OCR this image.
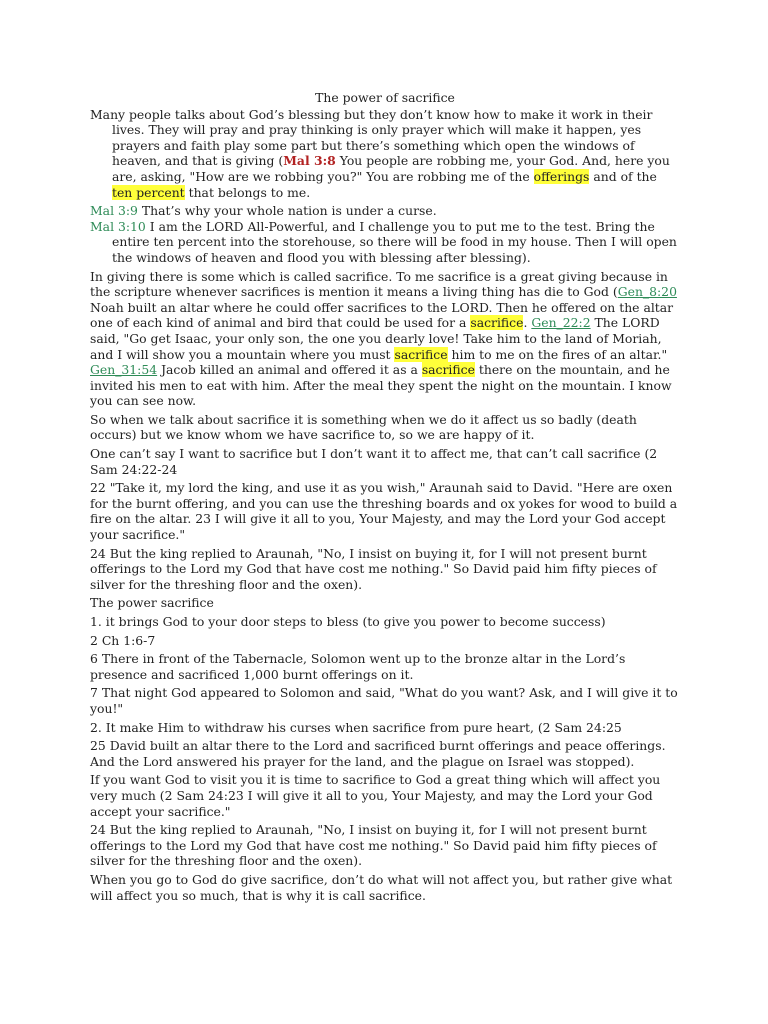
The power of sacrifice

Many people talks about God’s blessing but they don’t know how to make it work in their lives. They will pray and pray thinking is only prayer which will make it happen, yes prayers and faith play some part but there’s something which open the windows of heaven, and that is giving (Mal 3:8 You people are robbing me, your God. And, here you are, asking, "How are we robbing you?" You are robbing me of the offerings and of the ten percent that belongs to me.

Mal 3:9 That’s why your whole nation is under a curse.

Mal 3:10 I am the LORD All-Powerful, and I challenge you to put me to the test. Bring the entire ten percent into the storehouse, so there will be food in my house. Then I will open the windows of heaven and flood you with blessing after blessing).

In giving there is some which is called sacrifice. To me sacrifice is a great giving because in the scripture whenever sacrifices is mention it means a living thing has die to God (Gen_8:20 Noah built an altar where he could offer sacrifices to the LORD. Then he offered on the altar one of each kind of animal and bird that could be used for a sacrifice. Gen_22:2 The LORD said, "Go get Isaac, your only son, the one you dearly love! Take him to the land of Moriah, and I will show you a mountain where you must sacrifice him to me on the fires of an altar." Gen_31:54 Jacob killed an animal and offered it as a sacrifice there on the mountain, and he invited his men to eat with him. After the meal they spent the night on the mountain. I know you can see now.

So when we talk about sacrifice it is something when we do it affect us so badly (death occurs) but we know whom we have sacrifice to, so we are happy of it.

One can’t say I want to sacrifice but I don’t want it to affect me, that can’t call sacrifice (2 Sam 24:22-24

22 "Take it, my lord the king, and use it as you wish," Araunah said to David. "Here are oxen for the burnt offering, and you can use the threshing boards and ox yokes for wood to build a fire on the altar. 23 I will give it all to you, Your Majesty, and may the Lord your God accept your sacrifice."

24 But the king replied to Araunah, "No, I insist on buying it, for I will not present burnt offerings to the Lord my God that have cost me nothing." So David paid him fifty pieces of silver for the threshing floor and the oxen).

The power sacrifice

1. it brings God to your door steps to bless (to give you power to become success)

2 Ch 1:6-7

6 There in front of the Tabernacle, Solomon went up to the bronze altar in the Lord’s presence and sacrificed 1,000 burnt offerings on it.

7 That night God appeared to Solomon and said, "What do you want? Ask, and I will give it to you!"

2. It make Him to withdraw his curses when sacrifice from pure heart, (2 Sam 24:25

25 David built an altar there to the Lord and sacrificed burnt offerings and peace offerings. And the Lord answered his prayer for the land, and the plague on Israel was stopped).

If you want God to visit you it is time to sacrifice to God a great thing which will affect you very much (2 Sam 24:23 I will give it all to you, Your Majesty, and may the Lord your God accept your sacrifice."

24 But the king replied to Araunah, "No, I insist on buying it, for I will not present burnt offerings to the Lord my God that have cost me nothing." So David paid him fifty pieces of silver for the threshing floor and the oxen).

When you go to God do give sacrifice, don’t do what will not affect you, but rather give what will affect you so much, that is why it is call sacrifice.
